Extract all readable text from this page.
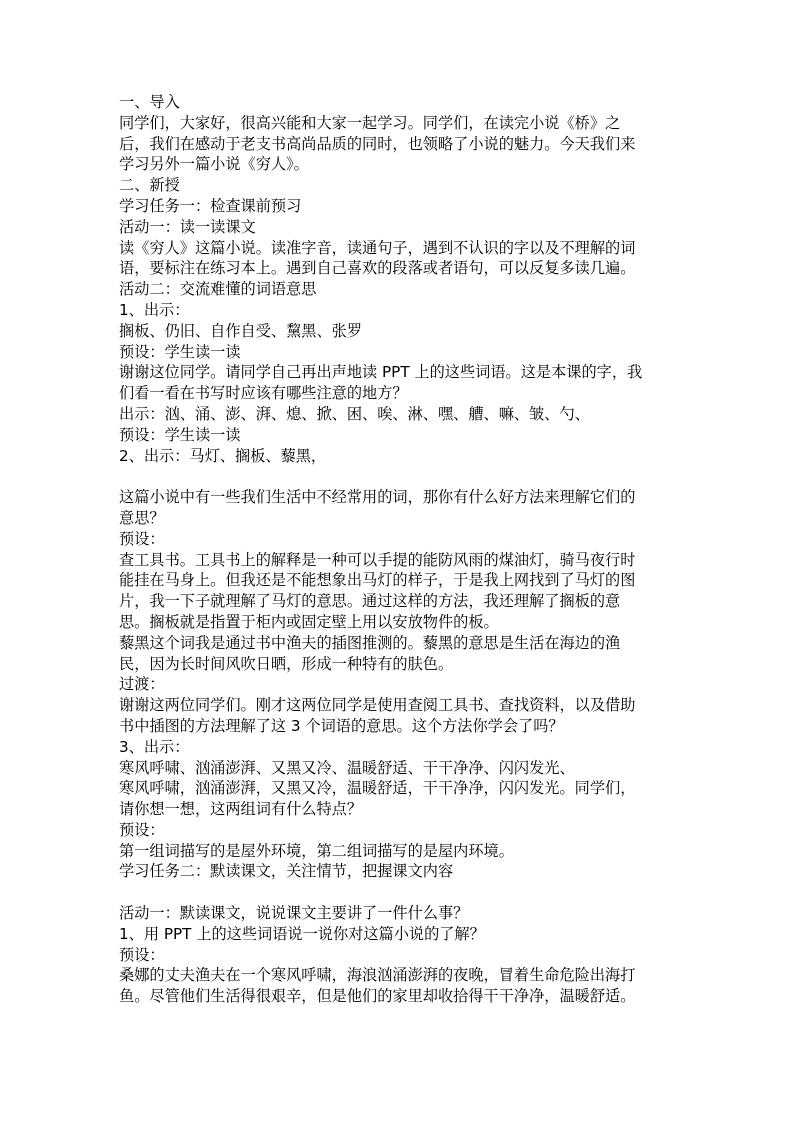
一、导入
同学们，大家好，很高兴能和大家一起学习。同学们，在读完小说《桥》之
后，我们在感动于老支书高尚品质的同时，也领略了小说的魅力。今天我们来
学习另外一篇小说《穷人》。
二、新授
学习任务一：检查课前预习
活动一：读一读课文
读《穷人》这篇小说。读准字音，读通句子，遇到不认识的字以及不理解的词
语，要标注在练习本上。遇到自己喜欢的段落或者语句，可以反复多读几遍。
活动二：交流难懂的词语意思
1、出示：
搁板、仍旧、自作自受、黧黑、张罗
预设：学生读一读
谢谢这位同学。请同学自己再出声地读 PPT 上的这些词语。这是本课的字，我
们看一看在书写时应该有哪些注意的地方？
出示：汹、涌、澎、湃、熄、掀、困、唉、淋、嘿、艚、嘛、皱、勺、
预设：学生读一读
2、出示：马灯、搁板、藜黑，
这篇小说中有一些我们生活中不经常用的词，那你有什么好方法来理解它们的
意思？
预设：
查工具书。工具书上的解释是一种可以手提的能防风雨的煤油灯，骑马夜行时
能挂在马身上。但我还是不能想象出马灯的样子，于是我上网找到了马灯的图
片，我一下子就理解了马灯的意思。通过这样的方法，我还理解了搁板的意
思。搁板就是指置于柜内或固定壁上用以安放物件的板。
藜黑这个词我是通过书中渔夫的插图推测的。藜黑的意思是生活在海边的渔
民，因为长时间风吹日晒，形成一种特有的肤色。
过渡：
谢谢这两位同学们。刚才这两位同学是使用查阅工具书、查找资料，以及借助
书中插图的方法理解了这 3 个词语的意思。这个方法你学会了吗？
3、出示：
寒风呼啸、汹涌澎湃、又黑又冷、温暖舒适、干干净净、闪闪发光、
寒风呼啸，汹涌澎湃，又黑又冷，温暖舒适，干干净净，闪闪发光。同学们，
请你想一想，这两组词有什么特点？
预设：
第一组词描写的是屋外环境，第二组词描写的是屋内环境。
学习任务二：默读课文，关注情节，把握课文内容
活动一：默读课文，说说课文主要讲了一件什么事？
1、用 PPT 上的这些词语说一说你对这篇小说的了解？
预设：
桑娜的丈夫渔夫在一个寒风呼啸，海浪汹涌澎湃的夜晚，冒着生命危险出海打
鱼。尽管他们生活得很艰辛，但是他们的家里却收拾得干干净净，温暖舒适。
